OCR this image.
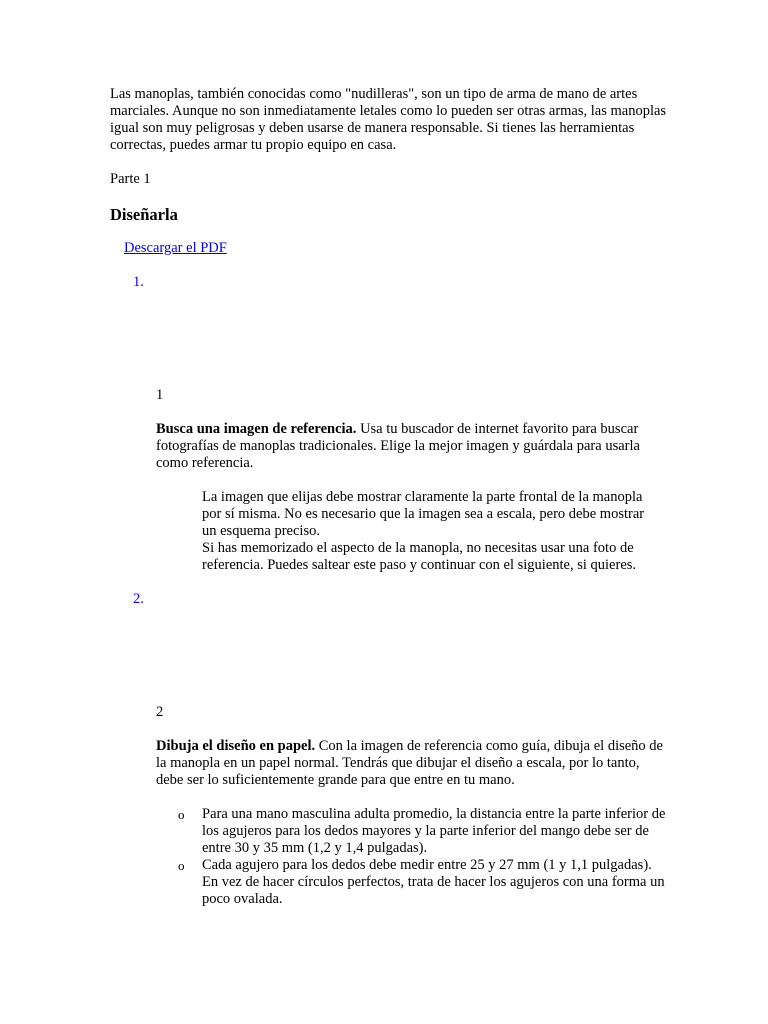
Las manoplas, también conocidas como "nudilleras", son un tipo de arma de mano de artes marciales. Aunque no son inmediatamente letales como lo pueden ser otras armas, las manoplas igual son muy peligrosas y deben usarse de manera responsable. Si tienes las herramientas correctas, puedes armar tu propio equipo en casa.
Parte 1
Diseñarla
Descargar el PDF
1.
1
Busca una imagen de referencia. Usa tu buscador de internet favorito para buscar fotografías de manoplas tradicionales. Elige la mejor imagen y guárdala para usarla como referencia.
La imagen que elijas debe mostrar claramente la parte frontal de la manopla por sí misma. No es necesario que la imagen sea a escala, pero debe mostrar un esquema preciso.
Si has memorizado el aspecto de la manopla, no necesitas usar una foto de referencia. Puedes saltear este paso y continuar con el siguiente, si quieres.
2.
2
Dibuja el diseño en papel. Con la imagen de referencia como guía, dibuja el diseño de la manopla en un papel normal. Tendrás que dibujar el diseño a escala, por lo tanto, debe ser lo suficientemente grande para que entre en tu mano.
o Para una mano masculina adulta promedio, la distancia entre la parte inferior de los agujeros para los dedos mayores y la parte inferior del mango debe ser de entre 30 y 35 mm (1,2 y 1,4 pulgadas).
o Cada agujero para los dedos debe medir entre 25 y 27 mm (1 y 1,1 pulgadas). En vez de hacer círculos perfectos, trata de hacer los agujeros con una forma un poco ovalada.
